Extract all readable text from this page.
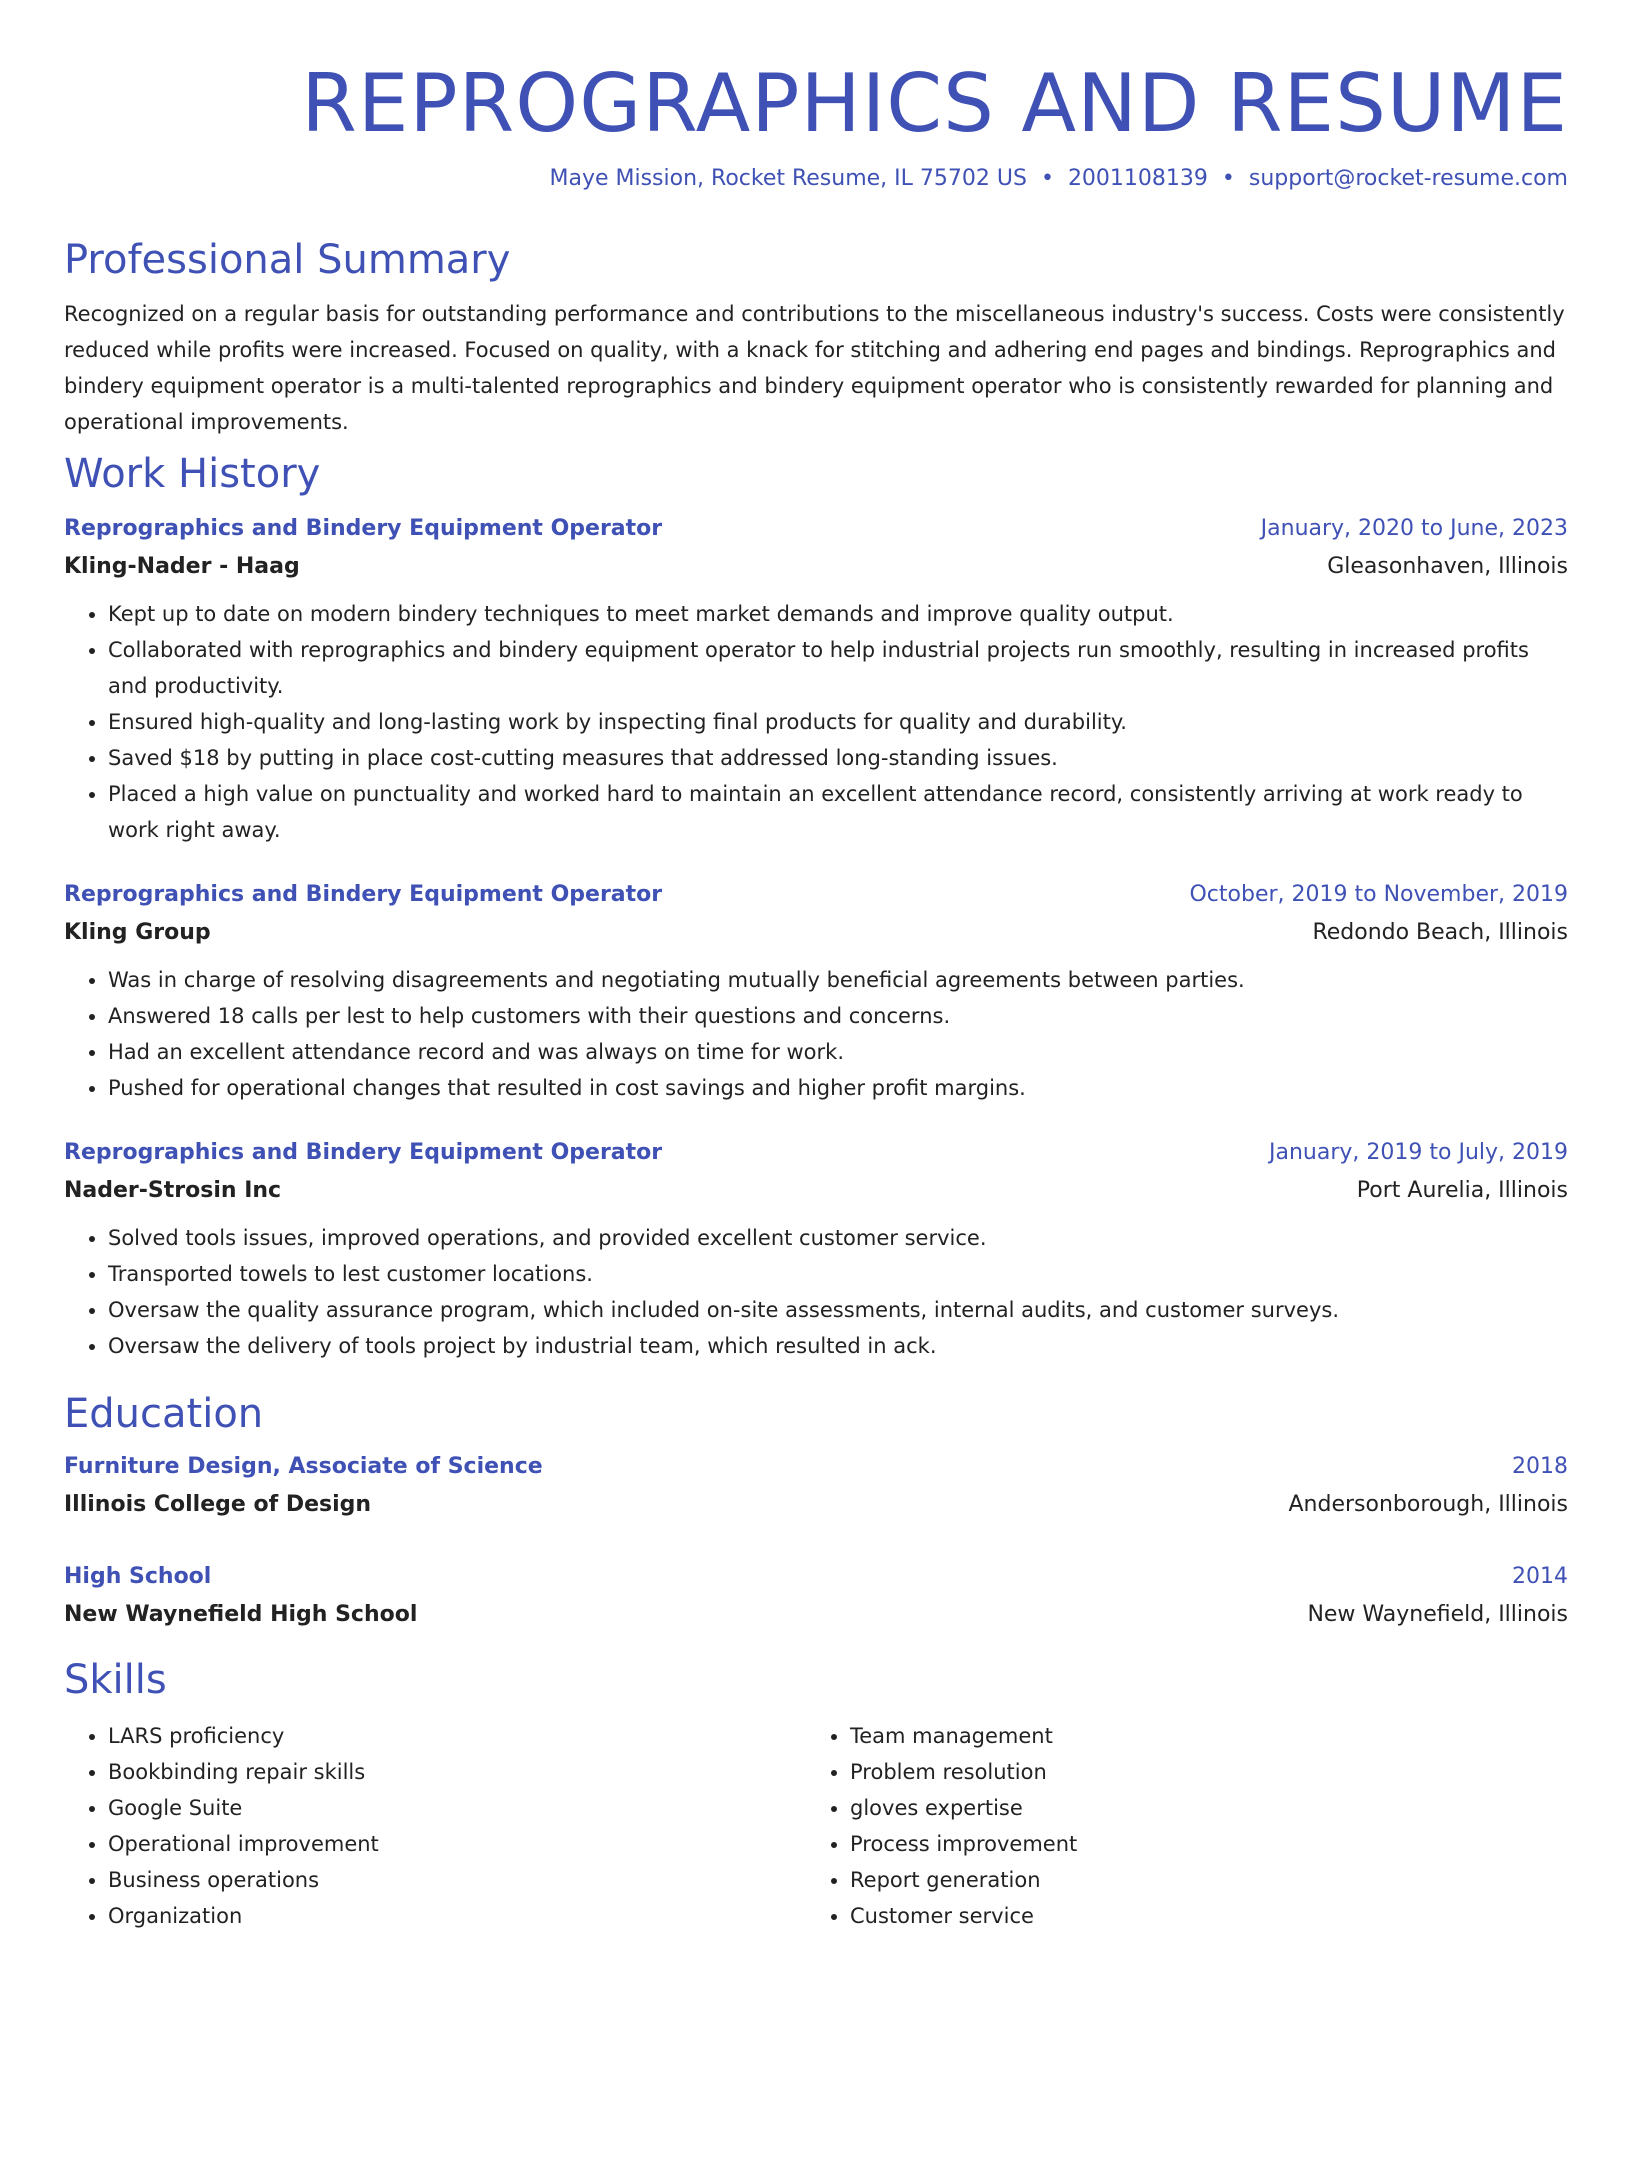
REPROGRAPHICS AND RESUME
Maye Mission, Rocket Resume, IL 75702 US • 2001108139 • support@rocket-resume.com
Professional Summary

Recognized on a regular basis for outstanding performance and contributions to the miscellaneous industry's success. Costs were consistently reduced while profits were increased. Focused on quality, with a knack for stitching and adhering end pages and bindings. Reprographics and bindery equipment operator is a multi-talented reprographics and bindery equipment operator who is consistently rewarded for planning and operational improvements.

Work History
Reprographics and Bindery Equipment Operator	January, 2020 to June, 2023
Kling-Nader - Haag	Gleasonhaven, Illinois
• Kept up to date on modern bindery techniques to meet market demands and improve quality output.
• Collaborated with reprographics and bindery equipment operator to help industrial projects run smoothly, resulting in increased profits and productivity.
• Ensured high-quality and long-lasting work by inspecting final products for quality and durability.
• Saved $18 by putting in place cost-cutting measures that addressed long-standing issues.
• Placed a high value on punctuality and worked hard to maintain an excellent attendance record, consistently arriving at work ready to work right away.
Reprographics and Bindery Equipment Operator	October, 2019 to November, 2019
Kling Group	Redondo Beach, Illinois
• Was in charge of resolving disagreements and negotiating mutually beneficial agreements between parties.
• Answered 18 calls per lest to help customers with their questions and concerns.
• Had an excellent attendance record and was always on time for work.
• Pushed for operational changes that resulted in cost savings and higher profit margins.
Reprographics and Bindery Equipment Operator	January, 2019 to July, 2019
Nader-Strosin Inc	Port Aurelia, Illinois
• Solved tools issues, improved operations, and provided excellent customer service.
• Transported towels to lest customer locations.
• Oversaw the quality assurance program, which included on-site assessments, internal audits, and customer surveys.
• Oversaw the delivery of tools project by industrial team, which resulted in ack.
Education
Furniture Design, Associate of Science	2018
Illinois College of Design	Andersonborough, Illinois
High School	2014
New Waynefield High School	New Waynefield, Illinois
Skills
• LARS proficiency
• Bookbinding repair skills
• Google Suite
• Operational improvement
• Business operations
• Organization
• Team management
• Problem resolution
• gloves expertise
• Process improvement
• Report generation
• Customer service
